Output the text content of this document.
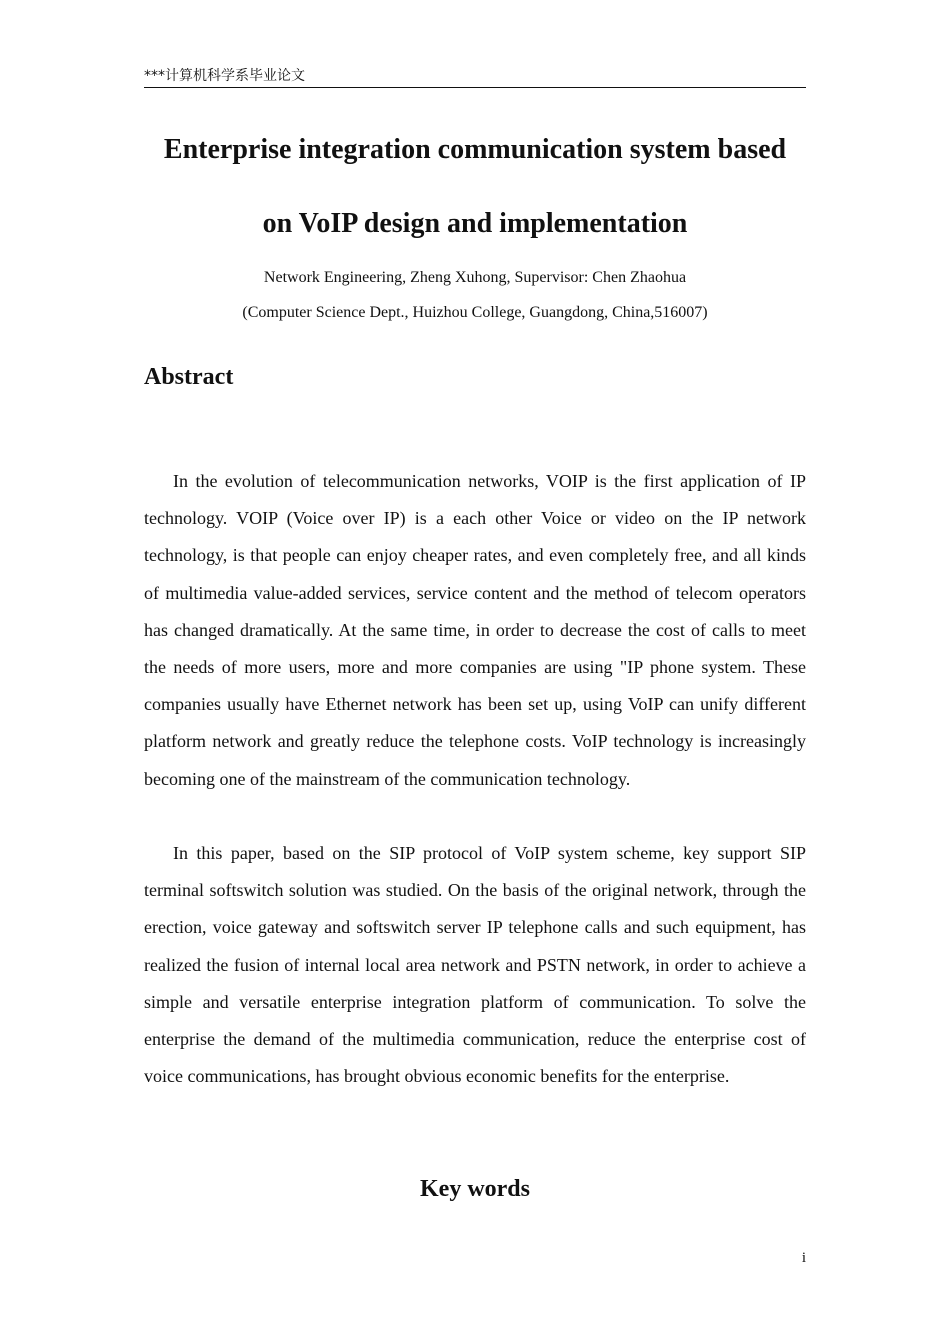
***计算机科学系毕业论文
Enterprise integration communication system based
on VoIP design and implementation
Network Engineering, Zheng Xuhong, Supervisor: Chen Zhaohua
(Computer Science Dept., Huizhou College, Guangdong, China,516007)
Abstract

In the evolution of telecommunication networks, VOIP is the first application of IP technology. VOIP (Voice over IP) is a each other Voice or video on the IP network technology, is that people can enjoy cheaper rates, and even completely free, and all kinds of multimedia value-added services, service content and the method of telecom operators has changed dramatically. At the same time, in order to decrease the cost of calls to meet the needs of more users, more and more companies are using "IP phone system. These companies usually have Ethernet network has been set up, using VoIP can unify different platform network and greatly reduce the telephone costs. VoIP technology is increasingly becoming one of the mainstream of the communication technology.

In this paper, based on the SIP protocol of VoIP system scheme, key support SIP terminal softswitch solution was studied. On the basis of the original network, through the erection, voice gateway and softswitch server IP telephone calls and such equipment, has realized the fusion of internal local area network and PSTN network, in order to achieve a simple and versatile enterprise integration platform of communication. To solve the enterprise the demand of the multimedia communication, reduce the enterprise cost of voice communications, has brought obvious economic benefits for the enterprise.

Key words
i
